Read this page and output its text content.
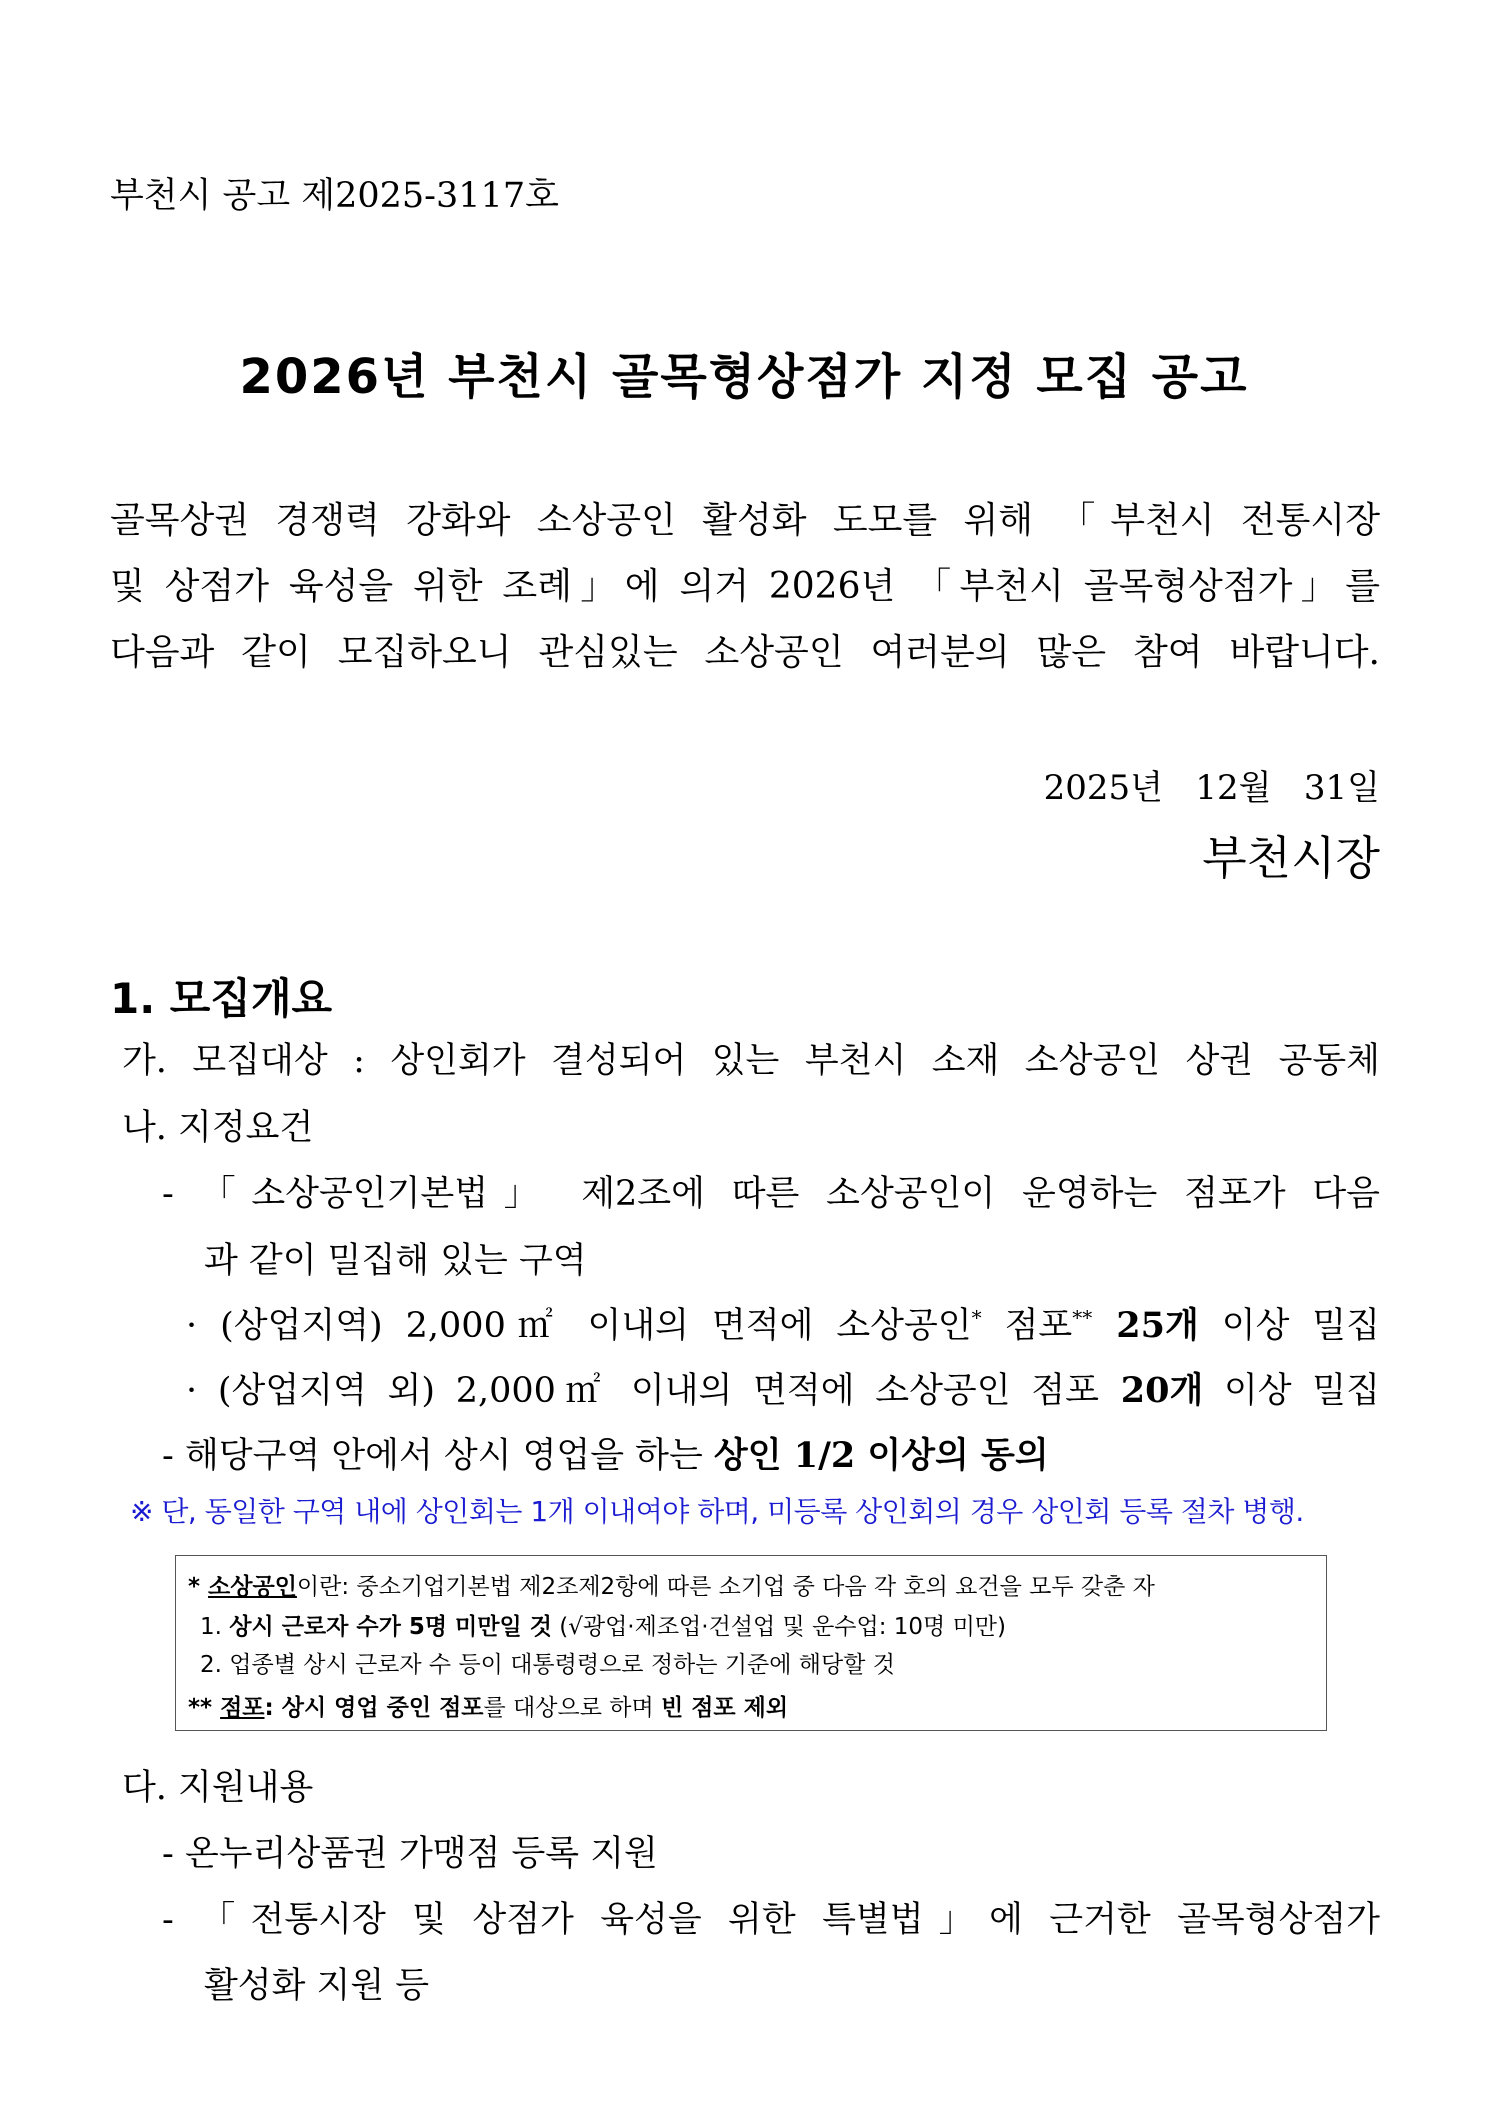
부천시 공고 제2025-3117호
2026년 부천시 골목형상점가 지정 모집 공고
골목상권 경쟁력 강화와 소상공인 활성화 도모를 위해 「부천시 전통시장
및 상점가 육성을 위한 조례」에 의거 2026년 「부천시 골목형상점가」를
다음과 같이 모집하오니 관심있는 소상공인 여러분의 많은 참여 바랍니다.
2025년   12월   31일
부천시장
1. 모집개요
가. 모집대상 : 상인회가 결성되어 있는 부천시 소재 소상공인 상권 공동체
나. 지정요건
- 「소상공인기본법」 제2조에 따른 소상공인이 운영하는 점포가 다음
과 같이 밀집해 있는 구역
· (상업지역) 2,000㎡ 이내의 면적에 소상공인* 점포** 25개 이상 밀집
· (상업지역 외) 2,000㎡ 이내의 면적에 소상공인 점포 20개 이상 밀집
- 해당구역 안에서 상시 영업을 하는 상인 1/2 이상의 동의
※ 단, 동일한 구역 내에 상인회는 1개 이내여야 하며, 미등록 상인회의 경우 상인회 등록 절차 병행.
* 소상공인이란: 중소기업기본법 제2조제2항에 따른 소기업 중 다음 각 호의 요건을 모두 갖춘 자
1. 상시 근로자 수가 5명 미만일 것 (√광업·제조업·건설업 및 운수업: 10명 미만)
2. 업종별 상시 근로자 수 등이 대통령령으로 정하는 기준에 해당할 것
** 점포: 상시 영업 중인 점포를 대상으로 하며 빈 점포 제외
다. 지원내용
- 온누리상품권 가맹점 등록 지원
- 「전통시장 및 상점가 육성을 위한 특별법」에 근거한 골목형상점가
활성화 지원 등
